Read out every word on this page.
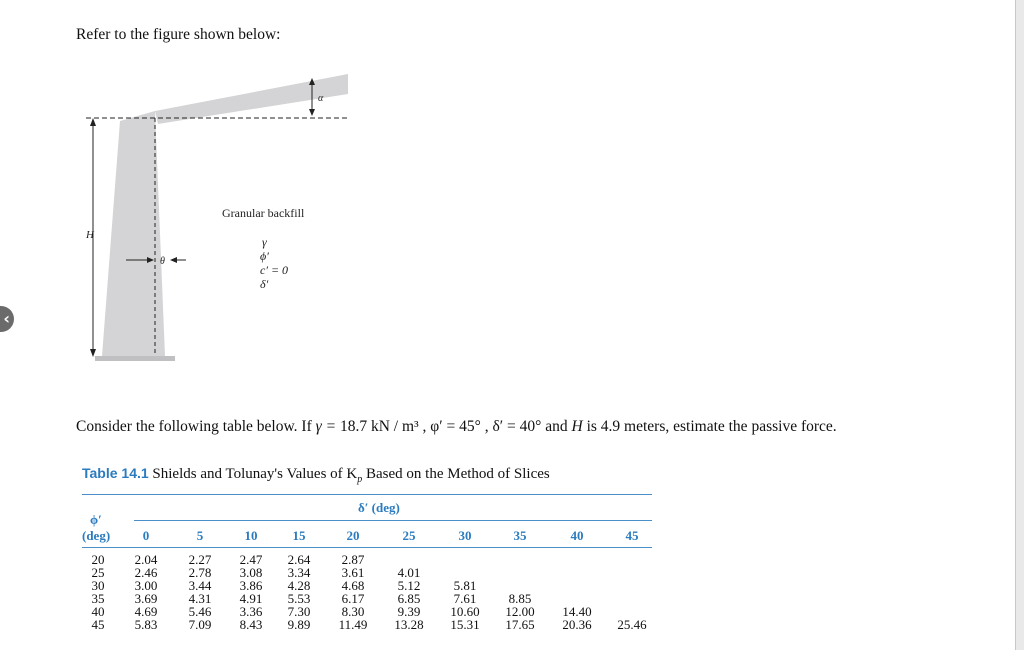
‹
Refer to the figure shown below:
H
α
θ
Granular backfill
γ
ϕ′
c′ = 0
δ′
Consider the following table below. If γ = 18.7 kN / m³ , φ′ = 45° , δ′ = 40° and H is 4.9 meters, estimate the passive force.
Table 14.1 Shields and Tolunay's Values of $K_p$ Based on the Method of Slices
δ′ (deg)
ϕ′
(deg)	0	5	10	15	20	25	30	35	40	45
20	2.04	2.27	2.47	2.64	2.87
25	2.46	2.78	3.08	3.34	3.61	4.01
30	3.00	3.44	3.86	4.28	4.68	5.12	5.81
35	3.69	4.31	4.91	5.53	6.17	6.85	7.61	8.85
40	4.69	5.46	3.36	7.30	8.30	9.39	10.60	12.00	14.40
45	5.83	7.09	8.43	9.89	11.49	13.28	15.31	17.65	20.36	25.46
